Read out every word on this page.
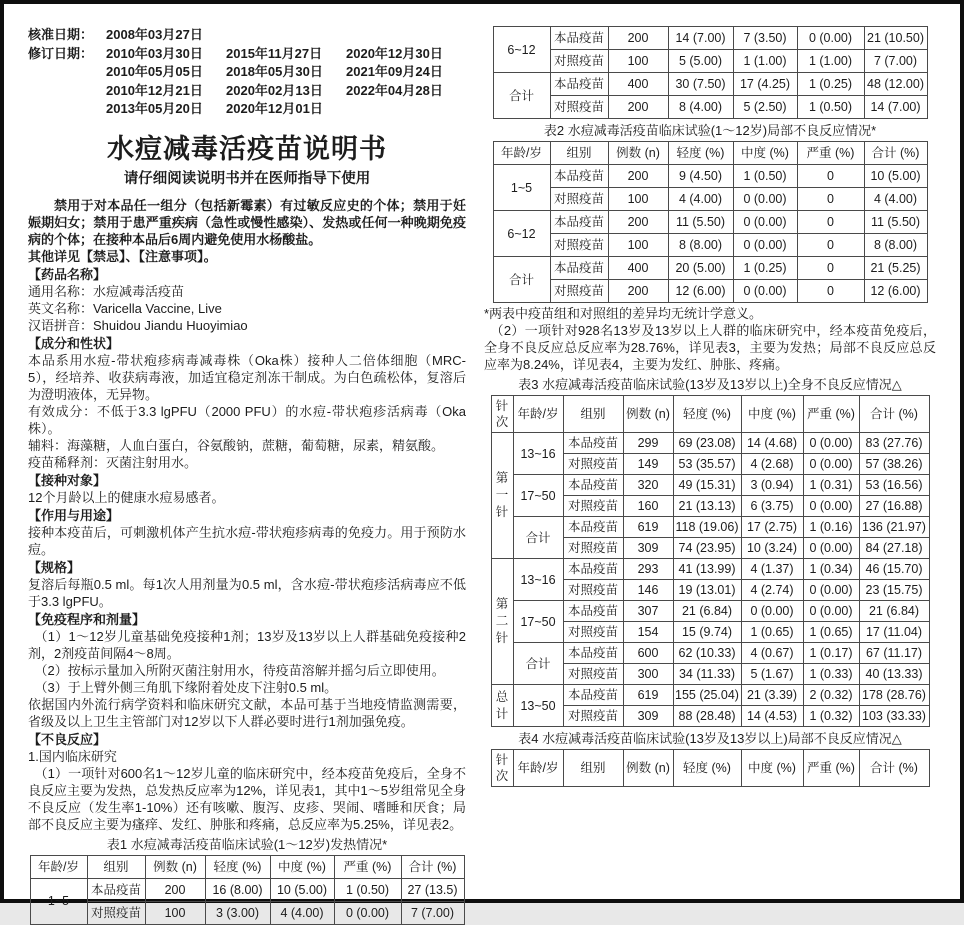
核准日期： 2008年03月27日
修订日期： 2010年03月30日	2015年11月27日	2020年12月30日
2010年05月05日	2018年05月30日	2021年09月24日
2010年12月21日	2020年02月13日	2022年04月28日
2013年05月20日	2020年12月01日
水痘减毒活疫苗说明书
请仔细阅读说明书并在医师指导下使用

禁用于对本品任一组分（包括新霉素）有过敏反应史的个体；禁用于妊娠期妇女；禁用于患严重疾病（急性或慢性感染）、发热或任何一种晚期免疫病的个体；在接种本品后6周内避免使用水杨酸盐。

其他详见【禁忌】、【注意事项】。

【药品名称】

通用名称：水痘减毒活疫苗

英文名称：Varicella Vaccine, Live

汉语拼音：Shuidou Jiandu Huoyimiao

【成分和性状】

本品系用水痘-带状疱疹病毒减毒株（Oka株）接种人二倍体细胞（MRC-5），经培养、收获病毒液，加适宜稳定剂冻干制成。为白色疏松体，复溶后为澄明液体，无异物。

有效成分：不低于3.3 lgPFU（2000 PFU）的水痘-带状疱疹活病毒（Oka株）。

辅料：海藻糖，人血白蛋白，谷氨酸钠，蔗糖，葡萄糖，尿素，精氨酸。

疫苗稀释剂：灭菌注射用水。

【接种对象】

12个月龄以上的健康水痘易感者。

【作用与用途】

接种本疫苗后，可刺激机体产生抗水痘-带状疱疹病毒的免疫力。用于预防水痘。

【规格】

复溶后每瓶0.5 ml。每1次人用剂量为0.5 ml，含水痘-带状疱疹活病毒应不低于3.3 lgPFU。

【免疫程序和剂量】

（1）1～12岁儿童基础免疫接种1剂；13岁及13岁以上人群基础免疫接种2剂，2剂疫苗间隔4～8周。

（2）按标示量加入所附灭菌注射用水，待疫苗溶解并摇匀后立即使用。

（3）于上臂外侧三角肌下缘附着处皮下注射0.5 ml。

依据国内外流行病学资料和临床研究文献，本品可基于当地疫情监测需要，省级及以上卫生主管部门对12岁以下人群必要时进行1剂加强免疫。

【不良反应】

1.国内临床研究

（1）一项针对600名1～12岁儿童的临床研究中，经本疫苗免疫后，全身不良反应主要为发热，总发热反应率为12%，详见表1，其中1～5岁组常见全身不良反应（发生率1-10%）还有咳嗽、腹泻、皮疹、哭闹、嗜睡和厌食；局部不良反应主要为瘙痒、发红、肿胀和疼痛，总反应率为5.25%，详见表2。

表1 水痘减毒活疫苗临床试验(1～12岁)发热情况*
年龄/岁	组别	例数 (n)	轻度 (%)	中度 (%)	严重 (%)	合计 (%)
1~5	本品疫苗	200	16 (8.00)	10 (5.00)	1 (0.50)	27 (13.5)
	对照疫苗	100	3 (3.00)	4 (4.00)	0 (0.00)	7 (7.00)
6~12	本品疫苗	200	14 (7.00)	7 (3.50)	0 (0.00)	21 (10.50)
	对照疫苗	100	5 (5.00)	1 (1.00)	1 (1.00)	7 (7.00)
合计	本品疫苗	400	30 (7.50)	17 (4.25)	1 (0.25)	48 (12.00)
	对照疫苗	200	8 (4.00)	5 (2.50)	1 (0.50)	14 (7.00)
表2 水痘减毒活疫苗临床试验(1～12岁)局部不良反应情况*
年龄/岁	组别	例数 (n)	轻度 (%)	中度 (%)	严重 (%)	合计 (%)
1~5	本品疫苗	200	9 (4.50)	1 (0.50)	0	10 (5.00)
	对照疫苗	100	4 (4.00)	0 (0.00)	0	4 (4.00)
6~12	本品疫苗	200	11 (5.50)	0 (0.00)	0	11 (5.50)
	对照疫苗	100	8 (8.00)	0 (0.00)	0	8 (8.00)
合计	本品疫苗	400	20 (5.00)	1 (0.25)	0	21 (5.25)
	对照疫苗	200	12 (6.00)	0 (0.00)	0	12 (6.00)

*两表中疫苗组和对照组的差异均无统计学意义。

（2）一项针对928名13岁及13岁以上人群的临床研究中，经本疫苗免疫后，全身不良反应总反应率为28.76%，详见表3，主要为发热；局部不良反应总反应率为8.24%，详见表4，主要为发红、肿胀、疼痛。

表3 水痘减毒活疫苗临床试验(13岁及13岁以上)全身不良反应情况△
针次	年龄/岁	组别	例数 (n)	轻度 (%)	中度 (%)	严重 (%)	合计 (%)
第一针	13~16	本品疫苗	299	69 (23.08)	14 (4.68)	0 (0.00)	83 (27.76)
		对照疫苗	149	53 (35.57)	4 (2.68)	0 (0.00)	57 (38.26)
	17~50	本品疫苗	320	49 (15.31)	3 (0.94)	1 (0.31)	53 (16.56)
		对照疫苗	160	21 (13.13)	6 (3.75)	0 (0.00)	27 (16.88)
	合计	本品疫苗	619	118 (19.06)	17 (2.75)	1 (0.16)	136 (21.97)
		对照疫苗	309	74 (23.95)	10 (3.24)	0 (0.00)	84 (27.18)
第二针	13~16	本品疫苗	293	41 (13.99)	4 (1.37)	1 (0.34)	46 (15.70)
		对照疫苗	146	19 (13.01)	4 (2.74)	0 (0.00)	23 (15.75)
	17~50	本品疫苗	307	21 (6.84)	0 (0.00)	0 (0.00)	21 (6.84)
		对照疫苗	154	15 (9.74)	1 (0.65)	1 (0.65)	17 (11.04)
	合计	本品疫苗	600	62 (10.33)	4 (0.67)	1 (0.17)	67 (11.17)
		对照疫苗	300	34 (11.33)	5 (1.67)	1 (0.33)	40 (13.33)
总计	13~50	本品疫苗	619	155 (25.04)	21 (3.39)	2 (0.32)	178 (28.76)
		对照疫苗	309	88 (28.48)	14 (4.53)	1 (0.32)	103 (33.33)
表4 水痘减毒活疫苗临床试验(13岁及13岁以上)局部不良反应情况△
针次	年龄/岁	组别	例数 (n)	轻度 (%)	中度 (%)	严重 (%)	合计 (%)
